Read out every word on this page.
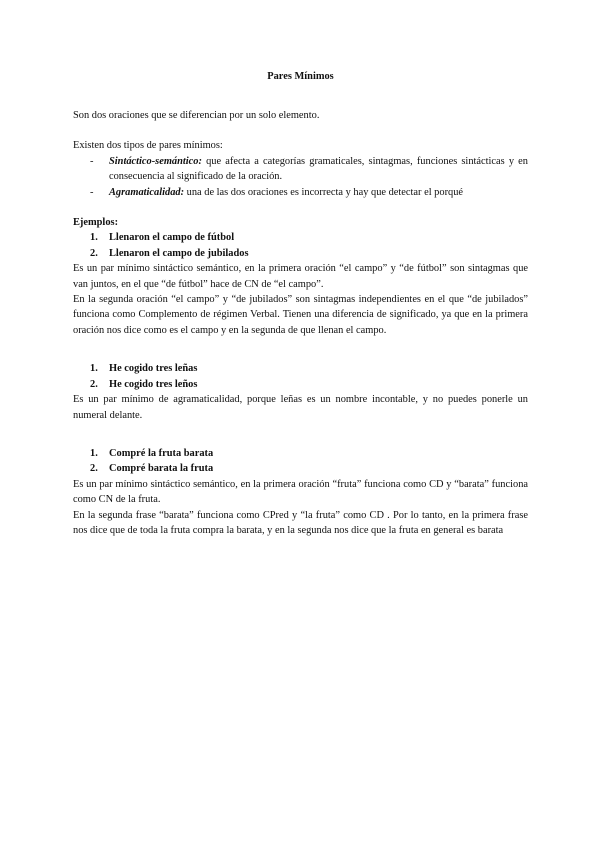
Pares Mínimos

Son dos oraciones que se diferencian por un solo elemento.

Existen dos tipos de pares mínimos:

- Sintáctico-semántico: que afecta a categorías gramaticales, sintagmas, funciones sintácticas y en consecuencia al significado de la oración.
- Agramaticalidad: una de las dos oraciones es incorrecta y hay que detectar el porqué

Ejemplos:

1. Llenaron el campo de fútbol
2. Llenaron el campo de jubilados

Es un par mínimo sintáctico semántico, en la primera oración “el campo” y “de fútbol” son sintagmas que van juntos, en el que “de fútbol” hace de CN de “el campo”.

En la segunda oración “el campo” y “de jubilados” son sintagmas independientes en el que “de jubilados” funciona como Complemento de régimen Verbal. Tienen una diferencia de significado, ya que en la primera oración nos dice como es el campo y en la segunda de que llenan el campo.

1. He cogido tres leñas
2. He cogido tres leños

Es un par mínimo de agramaticalidad, porque leñas es un nombre incontable, y no puedes ponerle un numeral delante.

1. Compré la fruta barata
2. Compré barata la fruta

Es un par mínimo sintáctico semántico, en la primera oración “fruta” funciona como CD y “barata” funciona como CN de la fruta.

En la segunda frase “barata” funciona como CPred y “la fruta” como CD . Por lo tanto, en la primera frase nos dice que de toda la fruta compra la barata, y en la segunda nos dice que la fruta en general es barata
